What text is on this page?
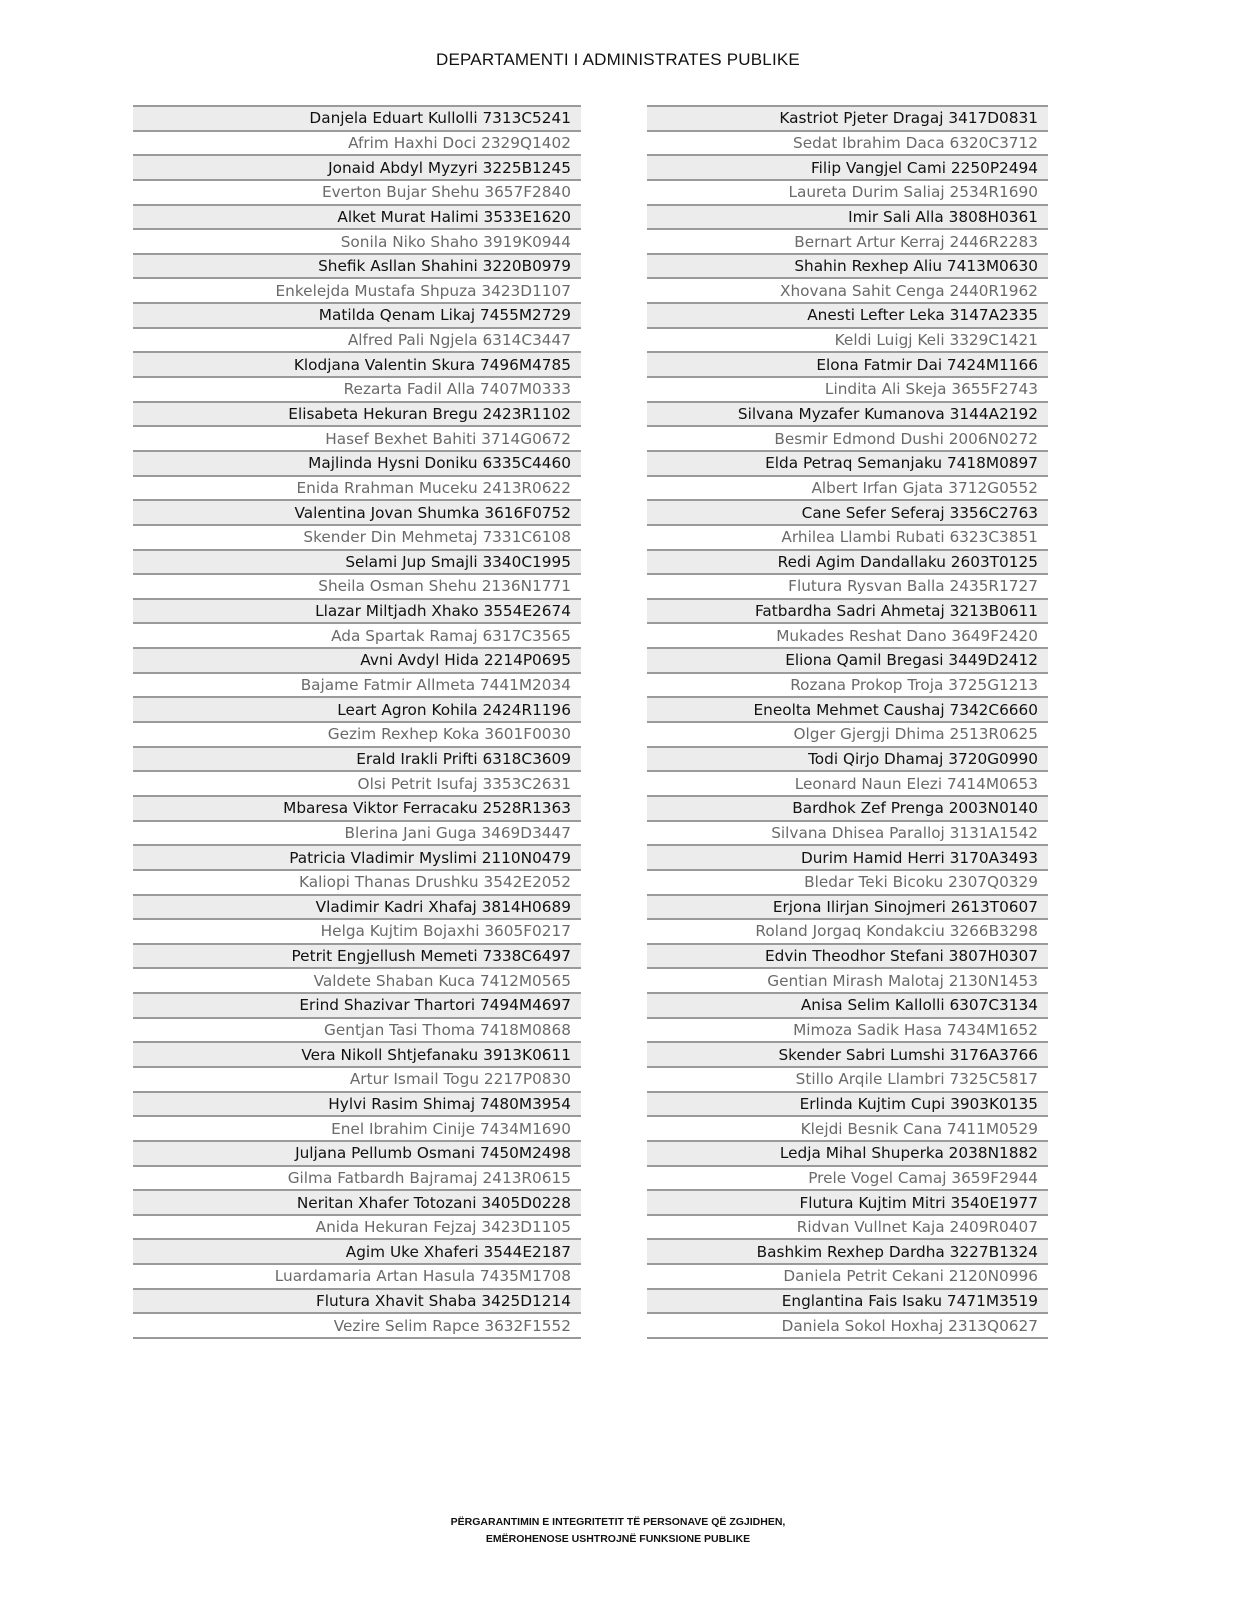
DEPARTAMENTI I ADMINISTRATES PUBLIKE
Danjela Eduart Kullolli 7313C5241
Afrim Haxhi Doci 2329Q1402
Jonaid Abdyl Myzyri 3225B1245
Everton Bujar Shehu 3657F2840
Alket Murat Halimi 3533E1620
Sonila Niko Shaho 3919K0944
Shefik Asllan Shahini 3220B0979
Enkelejda Mustafa Shpuza 3423D1107
Matilda Qenam Likaj 7455M2729
Alfred Pali Ngjela 6314C3447
Klodjana Valentin Skura 7496M4785
Rezarta Fadil Alla 7407M0333
Elisabeta Hekuran Bregu 2423R1102
Hasef Bexhet Bahiti 3714G0672
Majlinda Hysni Doniku 6335C4460
Enida Rrahman Muceku 2413R0622
Valentina Jovan Shumka 3616F0752
Skender Din Mehmetaj 7331C6108
Selami Jup Smajli 3340C1995
Sheila Osman Shehu 2136N1771
Llazar Miltjadh Xhako 3554E2674
Ada Spartak Ramaj 6317C3565
Avni Avdyl Hida 2214P0695
Bajame Fatmir Allmeta 7441M2034
Leart Agron Kohila 2424R1196
Gezim Rexhep Koka 3601F0030
Erald Irakli Prifti 6318C3609
Olsi Petrit Isufaj 3353C2631
Mbaresa Viktor Ferracaku 2528R1363
Blerina Jani Guga 3469D3447
Patricia Vladimir Myslimi 2110N0479
Kaliopi Thanas Drushku 3542E2052
Vladimir Kadri Xhafaj 3814H0689
Helga Kujtim Bojaxhi 3605F0217
Petrit Engjellush Memeti 7338C6497
Valdete Shaban Kuca 7412M0565
Erind Shazivar Thartori 7494M4697
Gentjan Tasi Thoma 7418M0868
Vera Nikoll Shtjefanaku 3913K0611
Artur Ismail Togu 2217P0830
Hylvi Rasim Shimaj 7480M3954
Enel Ibrahim Cinije 7434M1690
Juljana Pellumb Osmani 7450M2498
Gilma Fatbardh Bajramaj 2413R0615
Neritan Xhafer Totozani 3405D0228
Anida Hekuran Fejzaj 3423D1105
Agim Uke Xhaferi 3544E2187
Luardamaria Artan Hasula 7435M1708
Flutura Xhavit Shaba 3425D1214
Vezire Selim Rapce 3632F1552
Kastriot Pjeter Dragaj 3417D0831
Sedat Ibrahim Daca 6320C3712
Filip Vangjel Cami 2250P2494
Laureta Durim Saliaj 2534R1690
Imir Sali Alla 3808H0361
Bernart Artur Kerraj 2446R2283
Shahin Rexhep Aliu 7413M0630
Xhovana Sahit Cenga 2440R1962
Anesti Lefter Leka 3147A2335
Keldi Luigj Keli 3329C1421
Elona Fatmir Dai 7424M1166
Lindita Ali Skeja 3655F2743
Silvana Myzafer Kumanova 3144A2192
Besmir Edmond Dushi 2006N0272
Elda Petraq Semanjaku 7418M0897
Albert Irfan Gjata 3712G0552
Cane Sefer Seferaj 3356C2763
Arhilea Llambi Rubati 6323C3851
Redi Agim Dandallaku 2603T0125
Flutura Rysvan Balla 2435R1727
Fatbardha Sadri Ahmetaj 3213B0611
Mukades Reshat Dano 3649F2420
Eliona Qamil Bregasi 3449D2412
Rozana Prokop Troja 3725G1213
Eneolta Mehmet Caushaj 7342C6660
Olger Gjergji Dhima 2513R0625
Todi Qirjo Dhamaj 3720G0990
Leonard Naun Elezi 7414M0653
Bardhok Zef Prenga 2003N0140
Silvana Dhisea Paralloj 3131A1542
Durim Hamid Herri 3170A3493
Bledar Teki Bicoku 2307Q0329
Erjona Ilirjan Sinojmeri 2613T0607
Roland Jorgaq Kondakciu 3266B3298
Edvin Theodhor Stefani 3807H0307
Gentian Mirash Malotaj 2130N1453
Anisa Selim Kallolli 6307C3134
Mimoza Sadik Hasa 7434M1652
Skender Sabri Lumshi 3176A3766
Stillo Arqile Llambri 7325C5817
Erlinda Kujtim Cupi 3903K0135
Klejdi Besnik Cana 7411M0529
Ledja Mihal Shuperka 2038N1882
Prele Vogel Camaj 3659F2944
Flutura Kujtim Mitri 3540E1977
Ridvan Vullnet Kaja 2409R0407
Bashkim Rexhep Dardha 3227B1324
Daniela Petrit Cekani 2120N0996
Englantina Fais Isaku 7471M3519
Daniela Sokol Hoxhaj 2313Q0627
PËRGARANTIMIN E INTEGRITETIT TË PERSONAVE QË ZGJIDHEN,
EMËROHENOSE USHTROJNË FUNKSIONE PUBLIKE
